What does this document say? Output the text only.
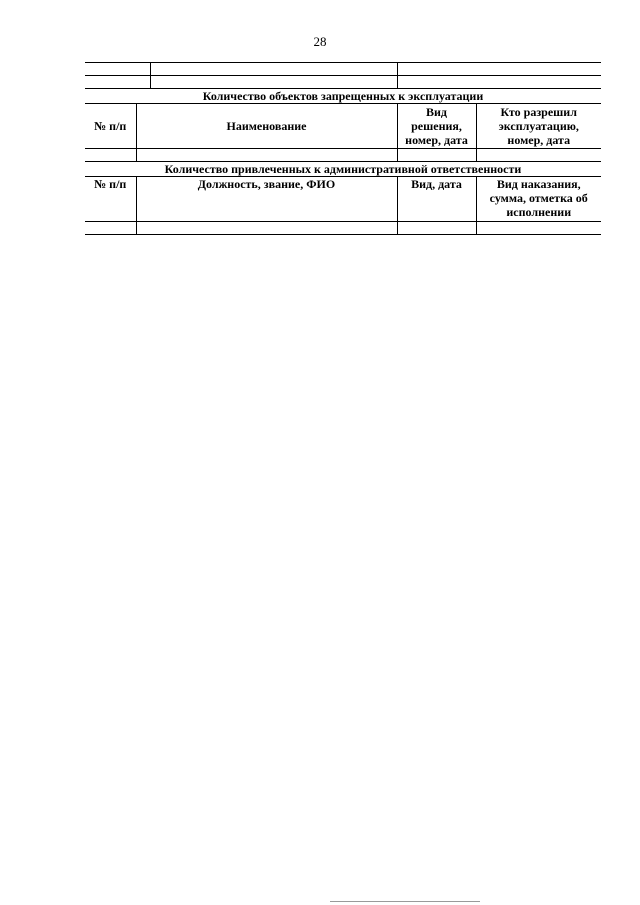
28

Количество объектов запрещенных к эксплуатации				
№ п/п	Наименование		Вид решения, номер, дата	Кто разрешил эксплуатацию, номер, дата

Количество привлеченных к административной ответственности				
№ п/п	Должность, звание, ФИО		Вид, дата	Вид наказания, сумма, отметка об исполнении
